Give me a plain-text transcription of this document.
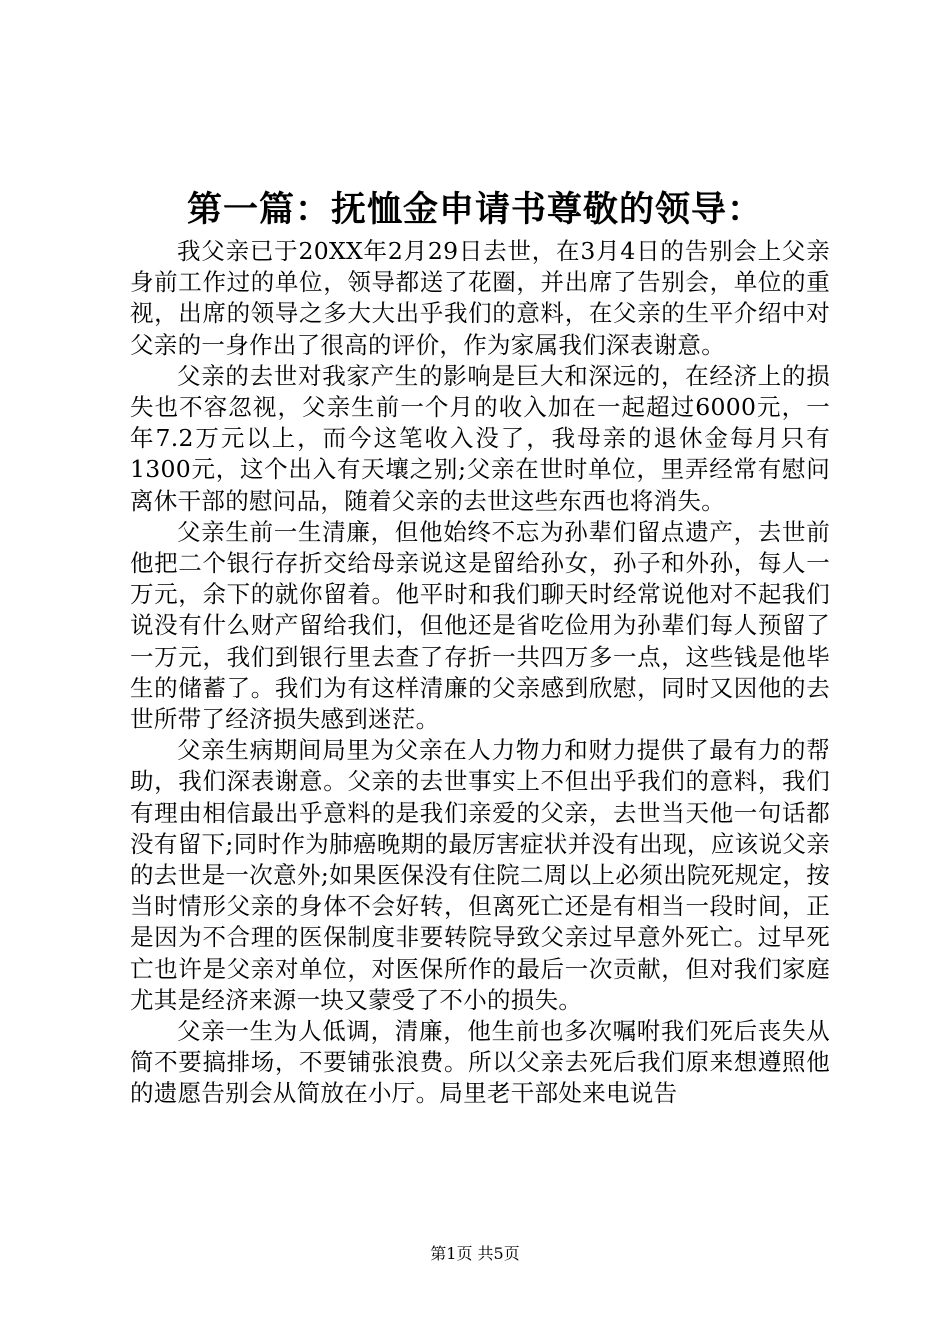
第一篇：抚恤金申请书尊敬的领导：

我父亲已于20XX年2月29日去世，在3月4日的告别会上父亲身前工作过的单位，领导都送了花圈，并出席了告别会，单位的重视，出席的领导之多大大出乎我们的意料，在父亲的生平介绍中对父亲的一身作出了很高的评价，作为家属我们深表谢意。

父亲的去世对我家产生的影响是巨大和深远的，在经济上的损失也不容忽视，父亲生前一个月的收入加在一起超过6000元，一年7.2万元以上，而今这笔收入没了，我母亲的退休金每月只有1300元，这个出入有天壤之别;父亲在世时单位，里弄经常有慰问离休干部的慰问品，随着父亲的去世这些东西也将消失。

父亲生前一生清廉，但他始终不忘为孙辈们留点遗产，去世前他把二个银行存折交给母亲说这是留给孙女，孙子和外孙，每人一万元，余下的就你留着。他平时和我们聊天时经常说他对不起我们说没有什么财产留给我们，但他还是省吃俭用为孙辈们每人预留了一万元，我们到银行里去查了存折一共四万多一点，这些钱是他毕生的储蓄了。我们为有这样清廉的父亲感到欣慰，同时又因他的去世所带了经济损失感到迷茫。

父亲生病期间局里为父亲在人力物力和财力提供了最有力的帮助，我们深表谢意。父亲的去世事实上不但出乎我们的意料，我们有理由相信最出乎意料的是我们亲爱的父亲，去世当天他一句话都没有留下;同时作为肺癌晚期的最厉害症状并没有出现，应该说父亲的去世是一次意外;如果医保没有住院二周以上必须出院死规定，按当时情形父亲的身体不会好转，但离死亡还是有相当一段时间，正是因为不合理的医保制度非要转院导致父亲过早意外死亡。过早死亡也许是父亲对单位，对医保所作的最后一次贡献，但对我们家庭尤其是经济来源一块又蒙受了不小的损失。

父亲一生为人低调，清廉，他生前也多次嘱咐我们死后丧失从简不要搞排场，不要铺张浪费。所以父亲去死后我们原来想遵照他的遗愿告别会从简放在小厅。局里老干部处来电说告

第1页 共5页
